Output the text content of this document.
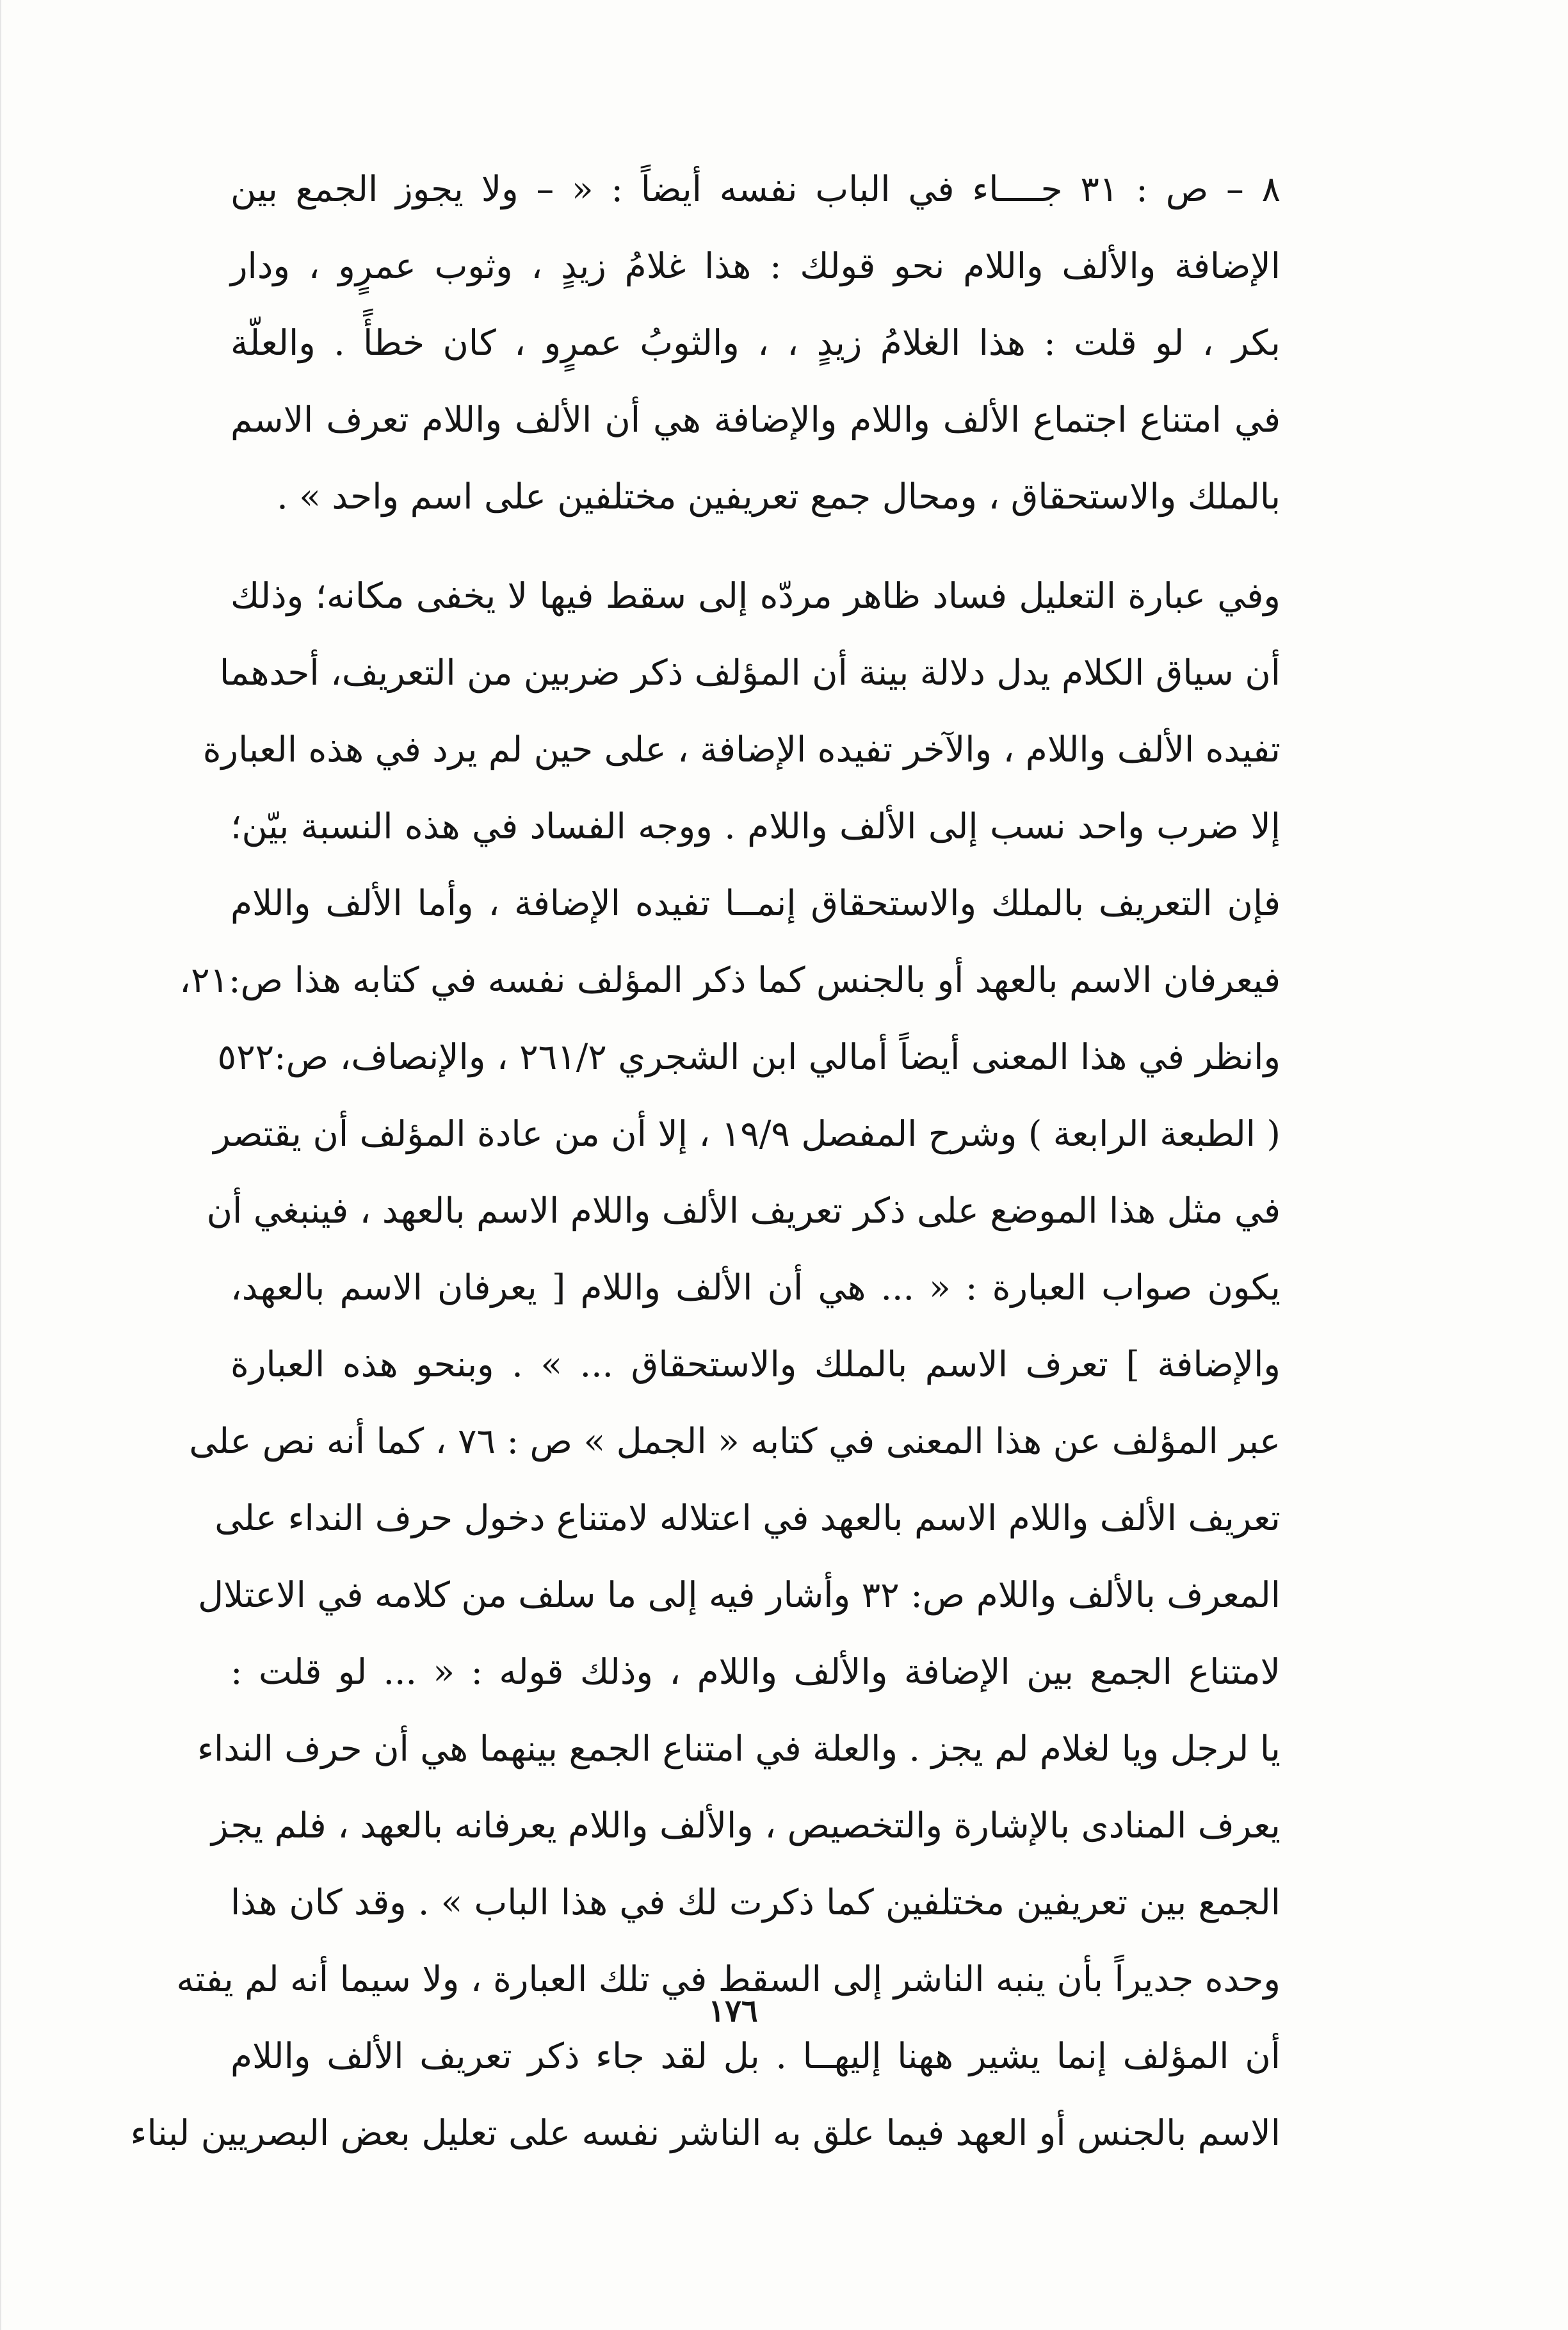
٨ – ص : ٣١ جــــاء في الباب نفسه أيضاً : « – ولا يجوز الجمع بين
الإضافة والألف واللام نحو قولك : هذا غلامُ زيدٍ ، وثوب عمرٍو ، ودار
بكر ، لو قلت : هذا الغلامُ زيدٍ ، ، والثوبُ عمرٍو ، كان خطأً . والعلّة
في امتناع اجتماع الألف واللام والإضافة هي أن الألف واللام تعرف الاسم
بالملك والاستحقاق ، ومحال جمع تعريفين مختلفين على اسم واحد » .
وفي عبارة التعليل فساد ظاهر مردّه إلى سقط فيها لا يخفى مكانه؛ وذلك
أن سياق الكلام يدل دلالة بينة أن المؤلف ذكر ضربين من التعريف، أحدهما
تفيده الألف واللام ، والآخر تفيده الإضافة ، على حين لم يرد في هذه العبارة
إلا ضرب واحد نسب إلى الألف واللام . ووجه الفساد في هذه النسبة بيّن؛
فإن التعريف بالملك والاستحقاق إنمــا تفيده الإضافة ، وأما الألف واللام
فيعرفان الاسم بالعهد أو بالجنس كما ذكر المؤلف نفسه في كتابه هذا ص:٢١،
وانظر في هذا المعنى أيضاً أمالي ابن الشجري ٢٦١/٢ ، والإنصاف، ص:٥٢٢
( الطبعة الرابعة ) وشرح المفصل ١٩/٩ ، إلا أن من عادة المؤلف أن يقتصر
في مثل هذا الموضع على ذكر تعريف الألف واللام الاسم بالعهد ، فينبغي أن
يكون صواب العبارة : « ... هي أن الألف واللام [ يعرفان الاسم بالعهد،
والإضافة ] تعرف الاسم بالملك والاستحقاق ... » . وبنحو هذه العبارة
عبر المؤلف عن هذا المعنى في كتابه « الجمل » ص : ٧٦ ، كما أنه نص على
تعريف الألف واللام الاسم بالعهد في اعتلاله لامتناع دخول حرف النداء على
المعرف بالألف واللام ص: ٣٢ وأشار فيه إلى ما سلف من كلامه في الاعتلال
لامتناع الجمع بين الإضافة والألف واللام ، وذلك قوله : « ... لو قلت :
يا لرجل ويا لغلام لم يجز . والعلة في امتناع الجمع بينهما هي أن حرف النداء
يعرف المنادى بالإشارة والتخصيص ، والألف واللام يعرفانه بالعهد ، فلم يجز
الجمع بين تعريفين مختلفين كما ذكرت لك في هذا الباب » . وقد كان هذا
وحده جديراً بأن ينبه الناشر إلى السقط في تلك العبارة ، ولا سيما أنه لم يفته
أن المؤلف إنما يشير ههنا إليهــا . بل لقد جاء ذكر تعريف الألف واللام
الاسم بالجنس أو العهد فيما علق به الناشر نفسه على تعليل بعض البصريين لبناء
١٧٦
